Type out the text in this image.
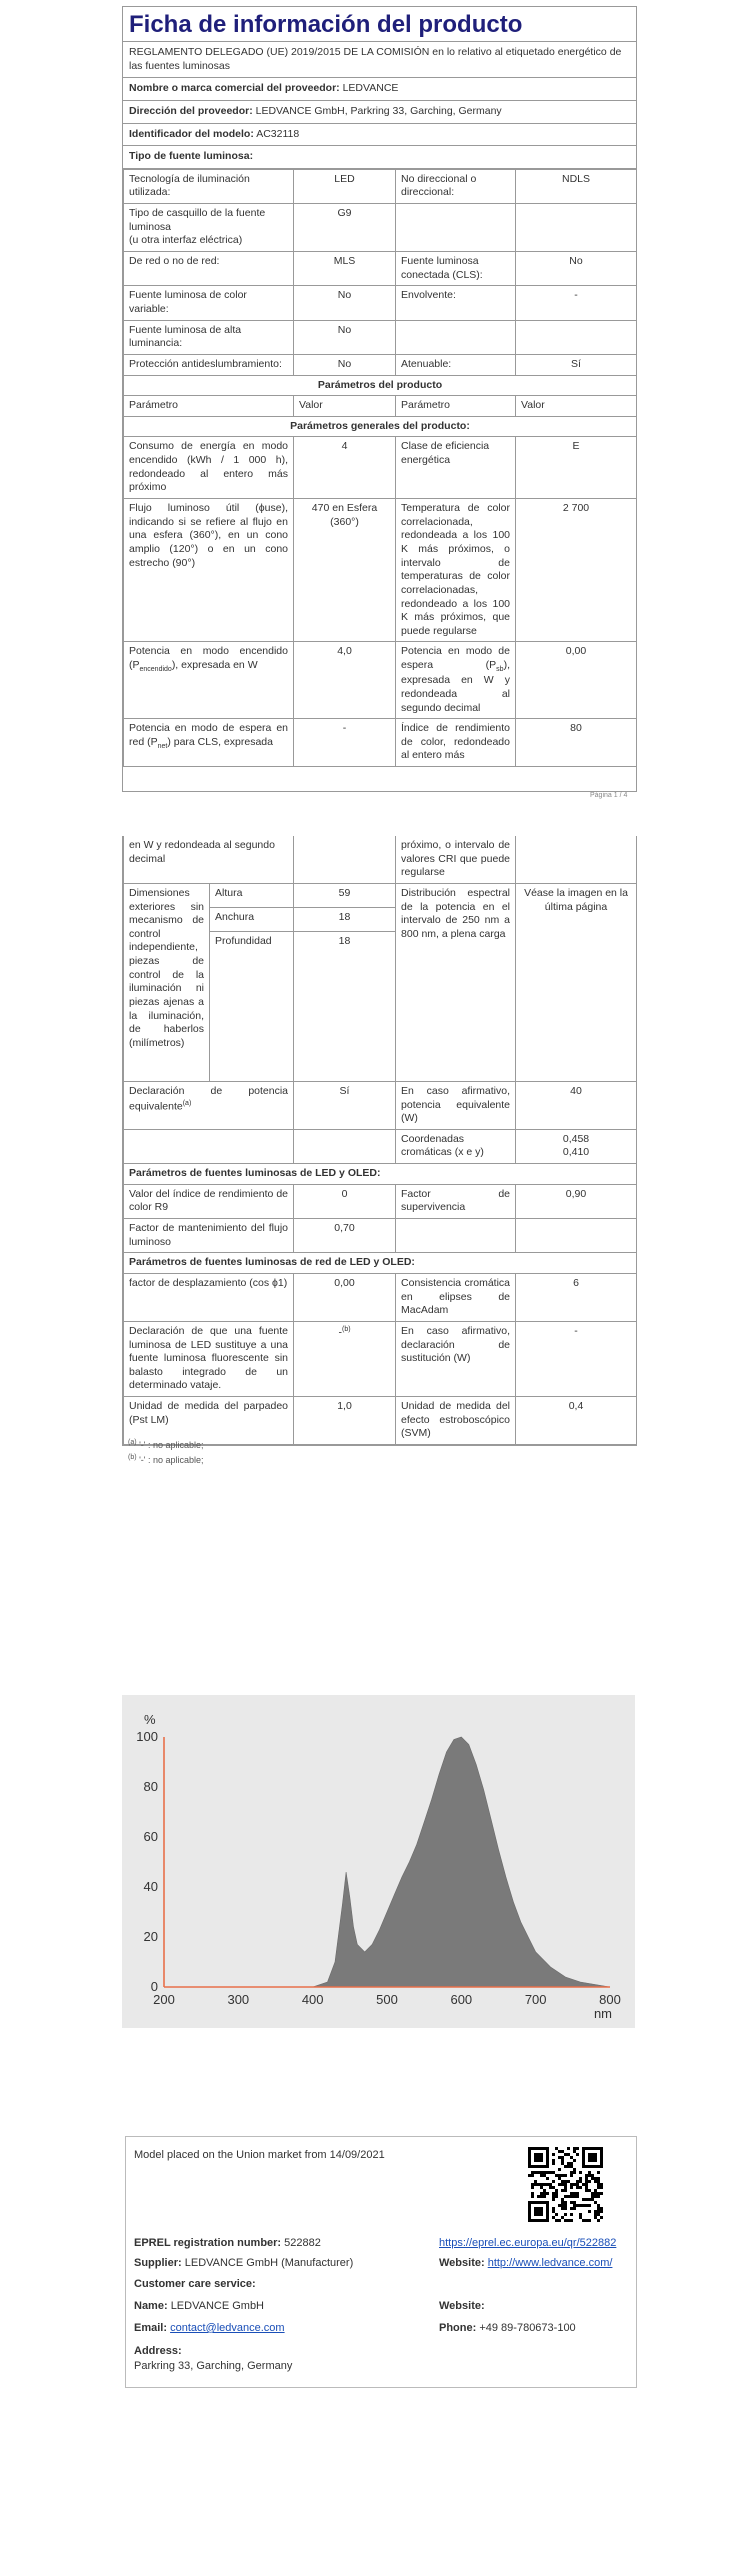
Ficha de información del producto
REGLAMENTO DELEGADO (UE) 2019/2015 DE LA COMISIÓN en lo relativo al etiquetado energético de las fuentes luminosas
Nombre o marca comercial del proveedor: LEDVANCE
Dirección del proveedor: LEDVANCE GmbH, Parkring 33, Garching, Germany
Identificador del modelo: AC32118
Tipo de fuente luminosa:
Tecnología de iluminación utilizada:	LED	No direccional o direccional:	NDLS

Tipo de casquillo de la fuente luminosa
(u otra interfaz eléctrica)	G9		
De red o no de red:	MLS	Fuente luminosa conectada (CLS):	No
Fuente luminosa de color variable:	No	Envolvente:	-
Fuente luminosa de alta luminancia:	No		
Protección antideslumbramiento:	No	Atenuable:	Sí
Parámetros del producto			
Parámetro	Valor	Parámetro	Valor
Parámetros generales del producto:			
Consumo de energía en modo encendido (kWh / 1 000 h), redondeado al entero más próximo	4	Clase de eficiencia energética	E
Flujo luminoso útil (ϕuse), indicando si se refiere al flujo en una esfera (360°), en un cono amplio (120°) o en un cono estrecho (90°)	470 en Esfera (360°)	Temperatura de color correlacionada, redondeada a los 100 K más próximos, o intervalo de temperaturas de color correlacionadas, redondeado a los 100 K más próximos, que puede regularse	2 700
Potencia en modo encendido $(P_{encendido})$, expresada en W	4,0	Potencia en modo de espera $(P_{sb})$, expresada en W y redondeada al segundo decimal	0,00
Potencia en modo de espera en red $(P_{net})$ para CLS, expresada	-	Índice de rendimiento de color, redondeado al entero más	80
Página 1 / 4
en W y redondeada al segundo decimal			próximo, o intervalo de valores CRI que puede regularse	
Dimensiones exteriores sin mecanismo de control independiente, piezas de control de la iluminación ni piezas ajenas a la iluminación, de haberlos (milímetros)	Altura	59	Distribución espectral de la potencia en el intervalo de 250 nm a 800 nm, a plena carga	Véase la imagen en la última página
	Anchura	18		
	Profundidad	18		
Declaración de potencia equivalente$^{(a)}$		Sí	En caso afirmativo, potencia equivalente (W)	40
			Coordenadas cromáticas (x e y)	0,458
0,410

Parámetros de fuentes luminosas de LED y OLED:				
Valor del índice de rendimiento de color R9		0	Factor de supervivencia	0,90
Factor de mantenimiento del flujo luminoso		0,70		
Parámetros de fuentes luminosas de red de LED y OLED:				
factor de desplazamiento (cos ϕ1)		0,00	Consistencia cromática en elipses de MacAdam	6
Declaración de que una fuente luminosa de LED sustituye a una fuente luminosa fluorescente sin balasto integrado de un determinado vataje.		-$^{(b)}$	En caso afirmativo, declaración de sustitución (W)	-
Unidad de medida del parpadeo (Pst LM)		1,0	Unidad de medida del efecto estroboscópico (SVM)	0,4
$^{(a)}$ '-' : no aplicable;
$^{(b)}$ '-' : no aplicable;
0
20
40
60
80
100
200	300	400	500	600	700	800
%
nm
Model placed on the Union market from 14/09/2021
EPREL registration number: 522882	https://eprel.ec.europa.eu/qr/522882
Supplier: LEDVANCE GmbH (Manufacturer)	Website: http://www.ledvance.com/
Customer care service:
Name: LEDVANCE GmbH	Website:
Email: contact@ledvance.com	Phone: +49 89-780673-100
Address:
Parkring 33, Garching, Germany
